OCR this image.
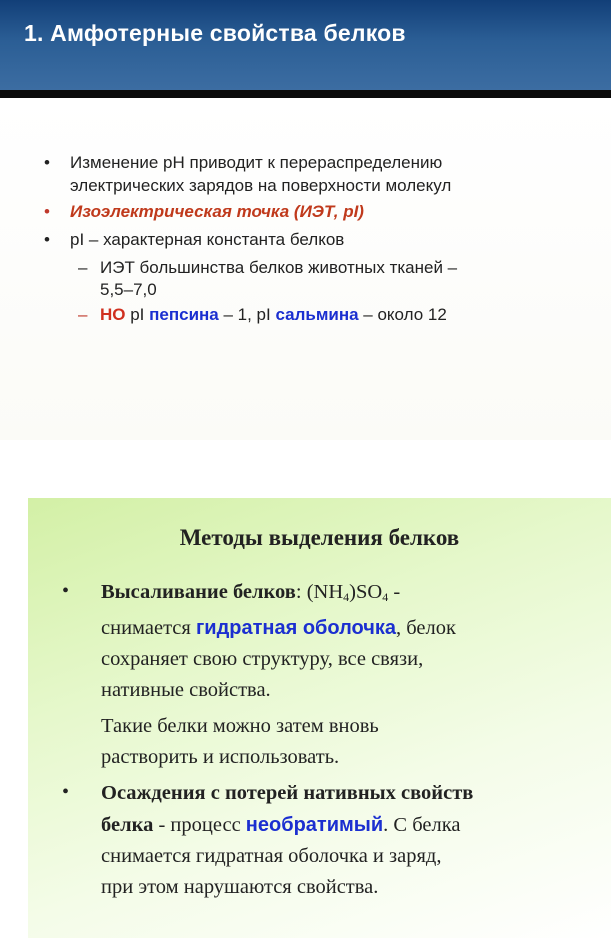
1. Амфотерные свойства белков
• Изменение pH приводит к перераспределению
электрических зарядов на поверхности молекул
• Изоэлектрическая точка (ИЭТ, pI)
• pI – характерная константа белков
– ИЭТ большинства белков животных тканей –
5,5–7,0
– НО pI пепсина – 1, pI сальмина – около 12
Методы выделения белков
• Высаливание белков: $(NH_4)SO_4$ -
снимается гидратная оболочка, белок
сохраняет свою структуру, все связи,
нативные свойства.
Такие белки можно затем вновь
растворить и использовать.
• Осаждения с потерей нативных свойств
белка - процесс необратимый. С белка
снимается гидратная оболочка и заряд,
при этом нарушаются свойства.
